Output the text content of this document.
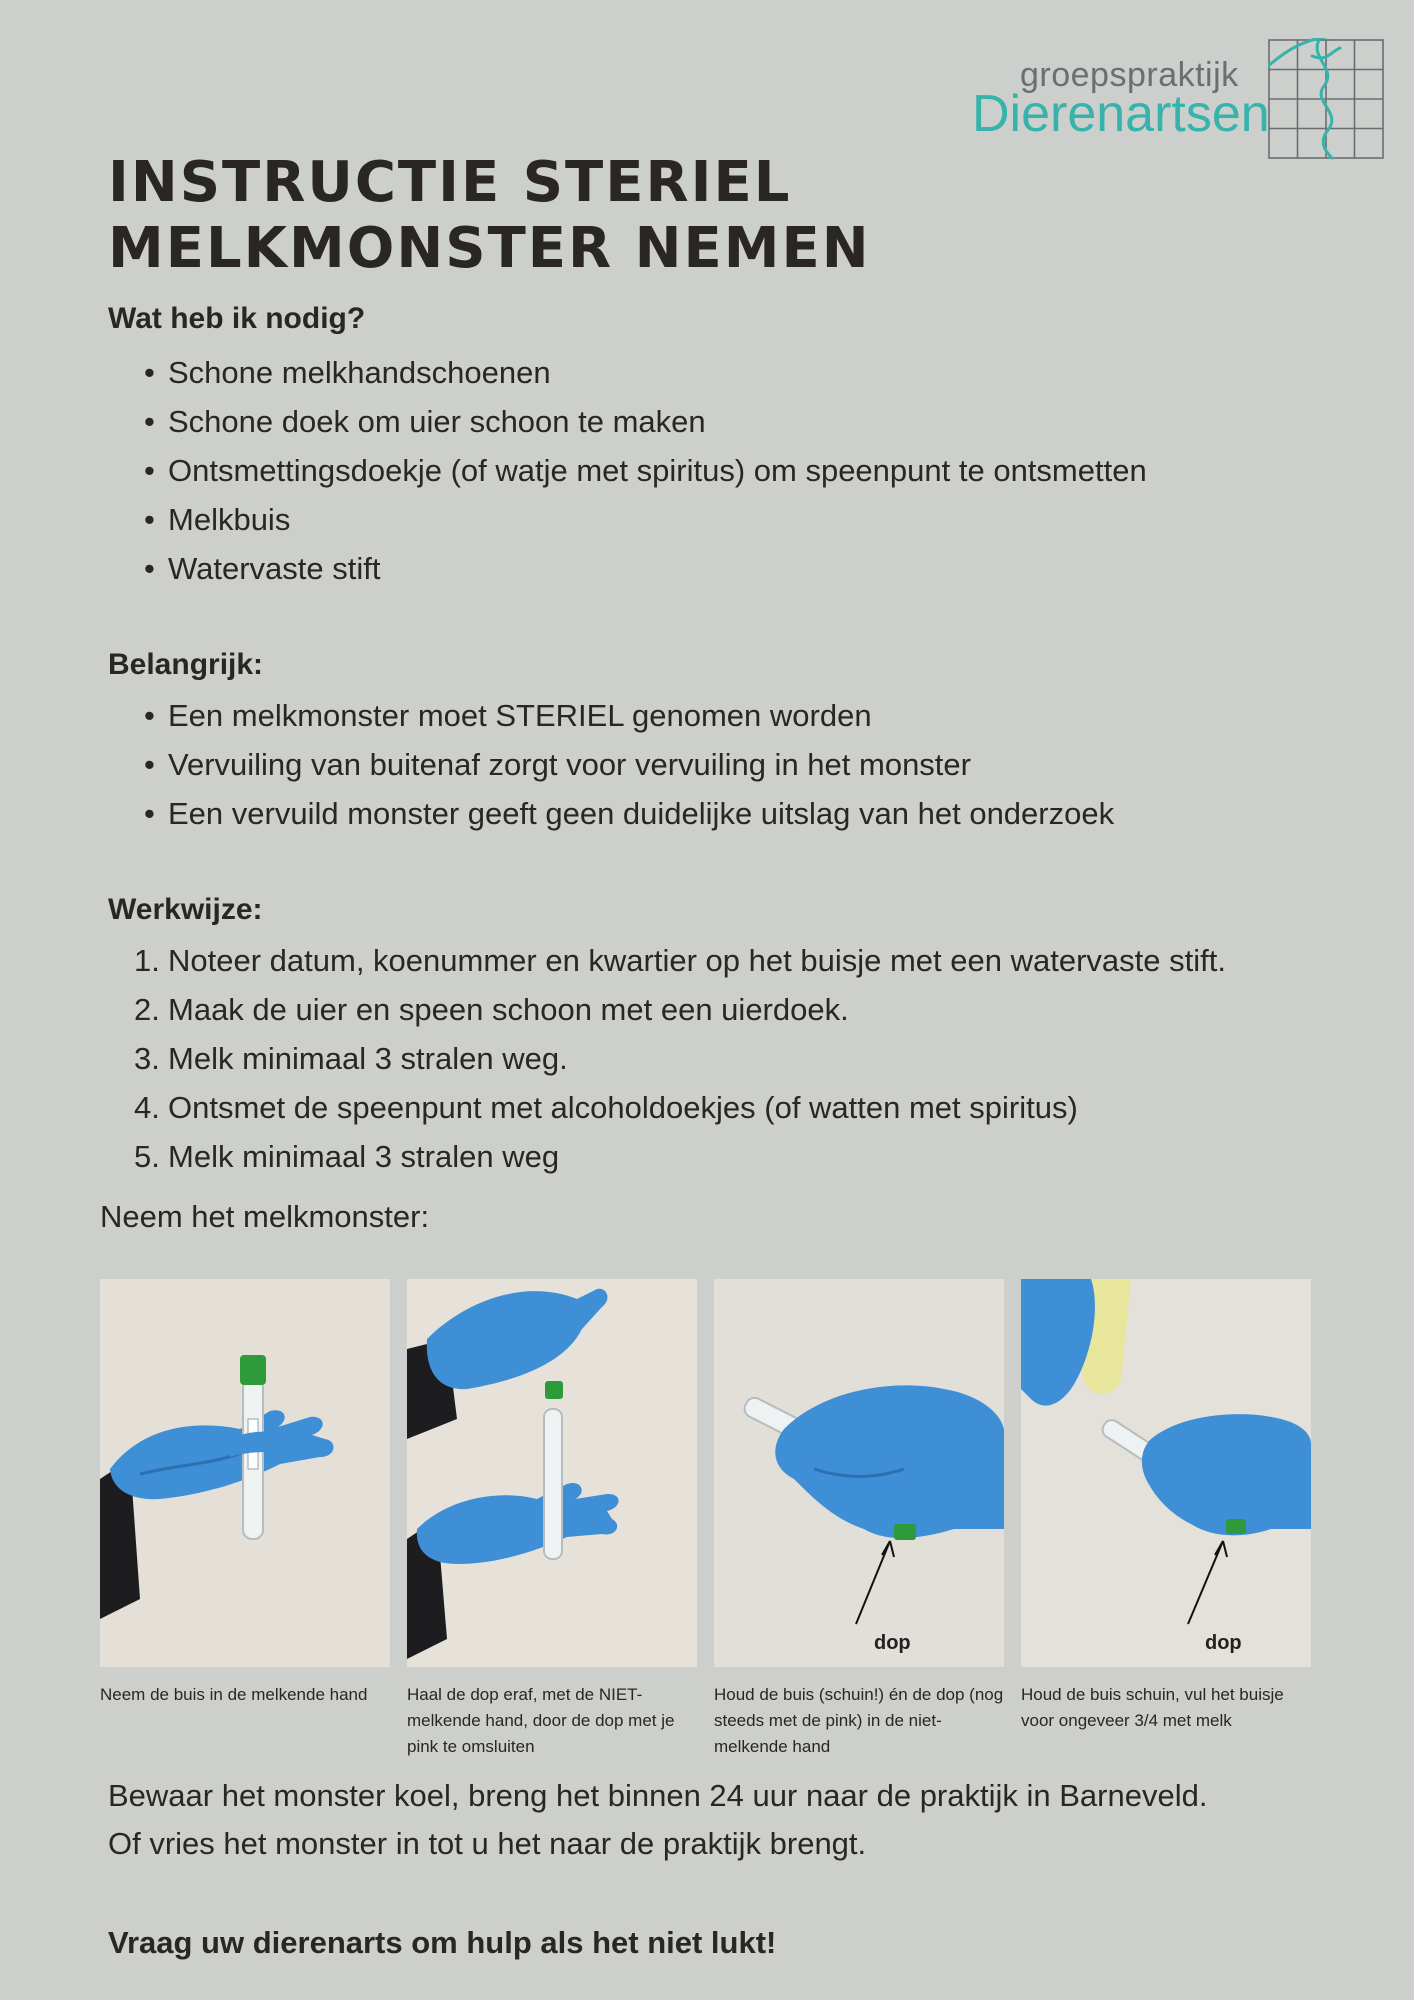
groepspraktijk
Dierenartsen
INSTRUCTIE STERIEL
MELKMONSTER NEMEN
Wat heb ik nodig?
• Schone melkhandschoenen
• Schone doek om uier schoon te maken
• Ontsmettingsdoekje (of watje met spiritus) om speenpunt te ontsmetten
• Melkbuis
• Watervaste stift
Belangrijk:
• Een melkmonster moet STERIEL genomen worden
• Vervuiling van buitenaf zorgt voor vervuiling in het monster
• Een vervuild monster geeft geen duidelijke uitslag van het onderzoek
Werkwijze:
1. Noteer datum, koenummer en kwartier op het buisje met een watervaste stift.
2. Maak de uier en speen schoon met een uierdoek.
3. Melk minimaal 3 stralen weg.
4. Ontsmet de speenpunt met alcoholdoekjes (of watten met spiritus)
5. Melk minimaal 3 stralen weg
Neem het melkmonster:
Neem de buis in de melkende hand	Haal de dop eraf, met de NIET-melkende hand, door de dop met je pink te omsluiten
dop
Houd de buis (schuin!) én de dop (nog steeds met de pink) in de niet-melkende hand
dop
Houd de buis schuin, vul het buisje voor ongeveer 3/4 met melk
Bewaar het monster koel, breng het binnen 24 uur naar de praktijk in Barneveld.
Of vries het monster in tot u het naar de praktijk brengt.
Vraag uw dierenarts om hulp als het niet lukt!
